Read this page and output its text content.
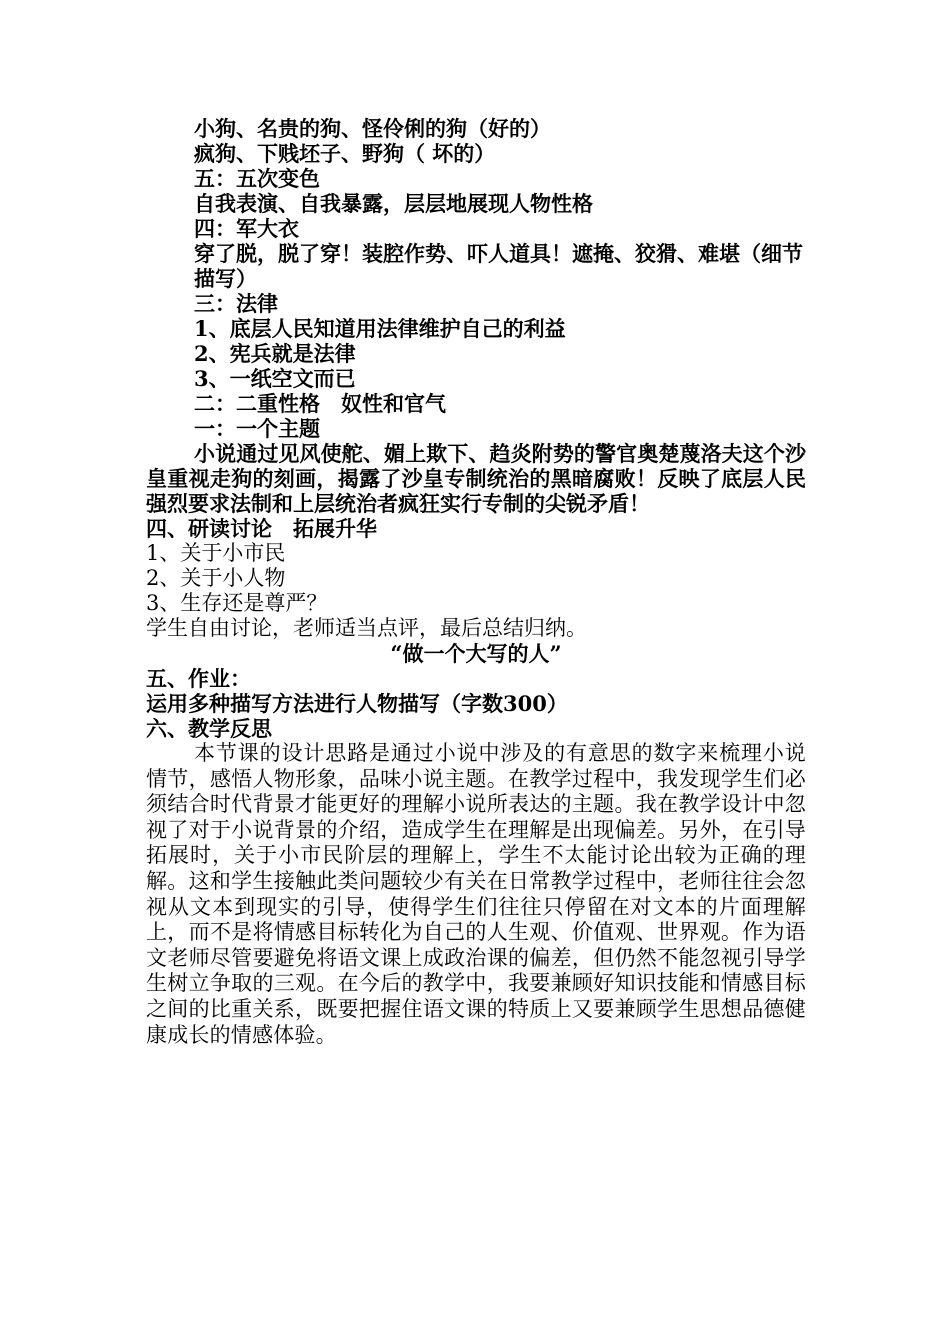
小狗、名贵的狗、怪伶俐的狗（好的）
疯狗、下贱坯子、野狗（ 坏的）
五：五次变色
自我表演、自我暴露，层层地展现人物性格
四：军大衣
穿了脱，脱了穿！装腔作势、吓人道具！遮掩、狡猾、难堪（细节描写）
三：法律
1、底层人民知道用法律维护自己的利益
2、宪兵就是法律
3、一纸空文而已
二：二重性格　奴性和官气
一：一个主题
小说通过见风使舵、媚上欺下、趋炎附势的警官奥楚蔑洛夫这个沙皇重视走狗的刻画，揭露了沙皇专制统治的黑暗腐败！反映了底层人民强烈要求法制和上层统治者疯狂实行专制的尖锐矛盾！
四、研读讨论　拓展升华
1、关于小市民
2、关于小人物
3、生存还是尊严？
学生自由讨论，老师适当点评，最后总结归纳。
“做一个大写的人”
五、作业：
运用多种描写方法进行人物描写（字数300）
六、教学反思
本节课的设计思路是通过小说中涉及的有意思的数字来梳理小说情节，感悟人物形象，品味小说主题。在教学过程中，我发现学生们必须结合时代背景才能更好的理解小说所表达的主题。我在教学设计中忽视了对于小说背景的介绍，造成学生在理解是出现偏差。另外，在引导拓展时，关于小市民阶层的理解上，学生不太能讨论出较为正确的理解。这和学生接触此类问题较少有关在日常教学过程中，老师往往会忽视从文本到现实的引导，使得学生们往往只停留在对文本的片面理解上，而不是将情感目标转化为自己的人生观、价值观、世界观。作为语文老师尽管要避免将语文课上成政治课的偏差，但仍然不能忽视引导学生树立争取的三观。在今后的教学中，我要兼顾好知识技能和情感目标之间的比重关系，既要把握住语文课的特质上又要兼顾学生思想品德健康成长的情感体验。
